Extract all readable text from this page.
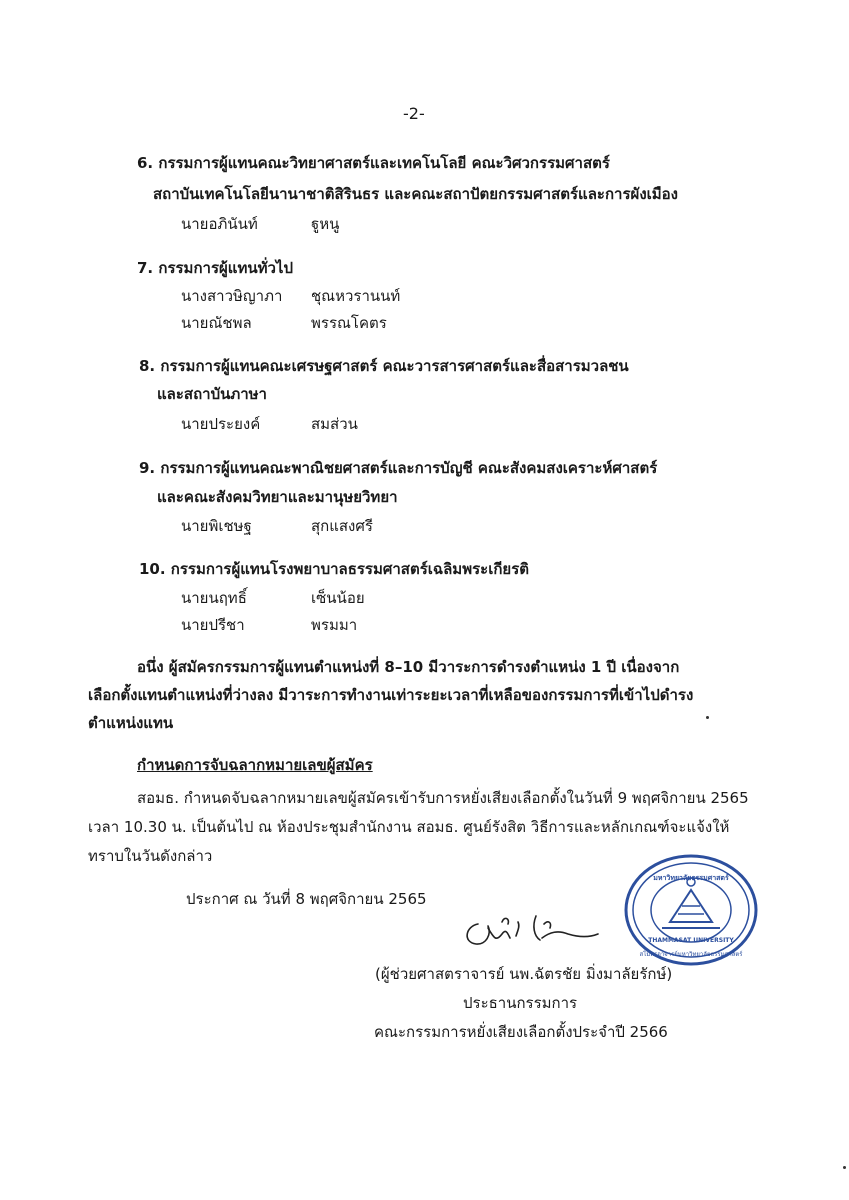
-2-
6. กรรมการผู้แทนคณะวิทยาศาสตร์และเทคโนโลยี คณะวิศวกรรมศาสตร์
สถาบันเทคโนโลยีนานาชาติสิรินธร และคณะสถาปัตยกรรมศาสตร์และการผังเมือง
นายอภินันท์	ฐูหนู
7. กรรมการผู้แทนทั่วไป
นางสาวษิญาภา ชุณหวรานนท์
นายณัชพล	พรรณโคตร
8. กรรมการผู้แทนคณะเศรษฐศาสตร์ คณะวารสารศาสตร์และสื่อสารมวลชน
และสถาบันภาษา
นายประยงค์	สมส่วน
9. กรรมการผู้แทนคณะพาณิชยศาสตร์และการบัญชี คณะสังคมสงเคราะห์ศาสตร์
และคณะสังคมวิทยาและมานุษยวิทยา
นายพิเชษฐ	สุกแสงศรี
10. กรรมการผู้แทนโรงพยาบาลธรรมศาสตร์เฉลิมพระเกียรติ
นายนฤทธิ์	เซ็นน้อย
นายปรีชา	พรมมา
อนึ่ง ผู้สมัครกรรมการผู้แทนตำแหน่งที่ 8–10 มีวาระการดำรงตำแหน่ง 1 ปี เนื่องจาก
เลือกตั้งแทนตำแหน่งที่ว่างลง มีวาระการทำงานเท่าระยะเวลาที่เหลือของกรรมการที่เข้าไปดำรง
ตำแหน่งแทน
กำหนดการจับฉลากหมายเลขผู้สมัคร
สอมธ. กำหนดจับฉลากหมายเลขผู้สมัครเข้ารับการหยั่งเสียงเลือกตั้งในวันที่ 9 พฤศจิกายน 2565
เวลา 10.30 น. เป็นต้นไป ณ ห้องประชุมสำนักงาน สอมธ. ศูนย์รังสิต วิธีการและหลักเกณฑ์จะแจ้งให้
ทราบในวันดังกล่าว
ประกาศ ณ วันที่ 8 พฤศจิกายน 2565
มหาวิทยาลัยธรรมศาสตร์
THAMMASAT UNIVERSITY
สโมสรอาจารย์มหาวิทยาลัยธรรมศาสตร์
(ผู้ช่วยศาสตราจารย์ นพ.ฉัตรชัย มิ่งมาลัยรักษ์)
ประธานกรรมการ
คณะกรรมการหยั่งเสียงเลือกตั้งประจำปี 2566
